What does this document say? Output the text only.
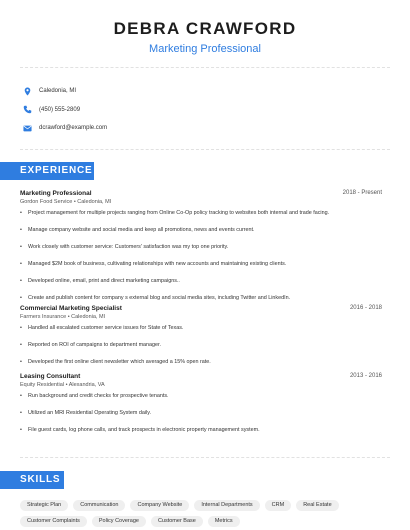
DEBRA CRAWFORD
Marketing Professional
Caledonia, MI
(450) 555-2809
dcrawford@example.com
EXPERIENCE
Marketing Professional	2018 - Present
Gordon Food Service • Caledonia, MI
• Project management for multiple projects ranging from Online Co-Op policy tracking to websites both internal and trade facing.
• Manage company website and social media and keep all promotions, news and events current.
• Work closely with customer service: Customers' satisfaction was my top one priority.
• Managed $2M book of business, cultivating relationships with new accounts and maintaining existing clients.
• Developed online, email, print and direct marketing campaigns..
• Create and publish content for company s external blog and social media sites, including Twitter and LinkedIn.
Commercial Marketing Specialist	2016 - 2018
Farmers Insurance • Caledonia, MI
• Handled all escalated customer service issues for State of Texas.
• Reported on ROI of campaigns to department manager.
• Developed the first online client newsletter which averaged a 15% open rate.
Leasing Consultant	2013 - 2016
Equity Residential • Alexandria, VA
• Run background and credit checks for prospective tenants.
• Utilized an MRI Residential Operating System daily.
• File guest cards, log phone calls, and track prospects in electronic property management system.
SKILLS
Strategic Plan	Communication	Company Website	Internal Departments	CRM	Real Estate
Customer Complaints	Policy Coverage	Customer Base	Metrics
